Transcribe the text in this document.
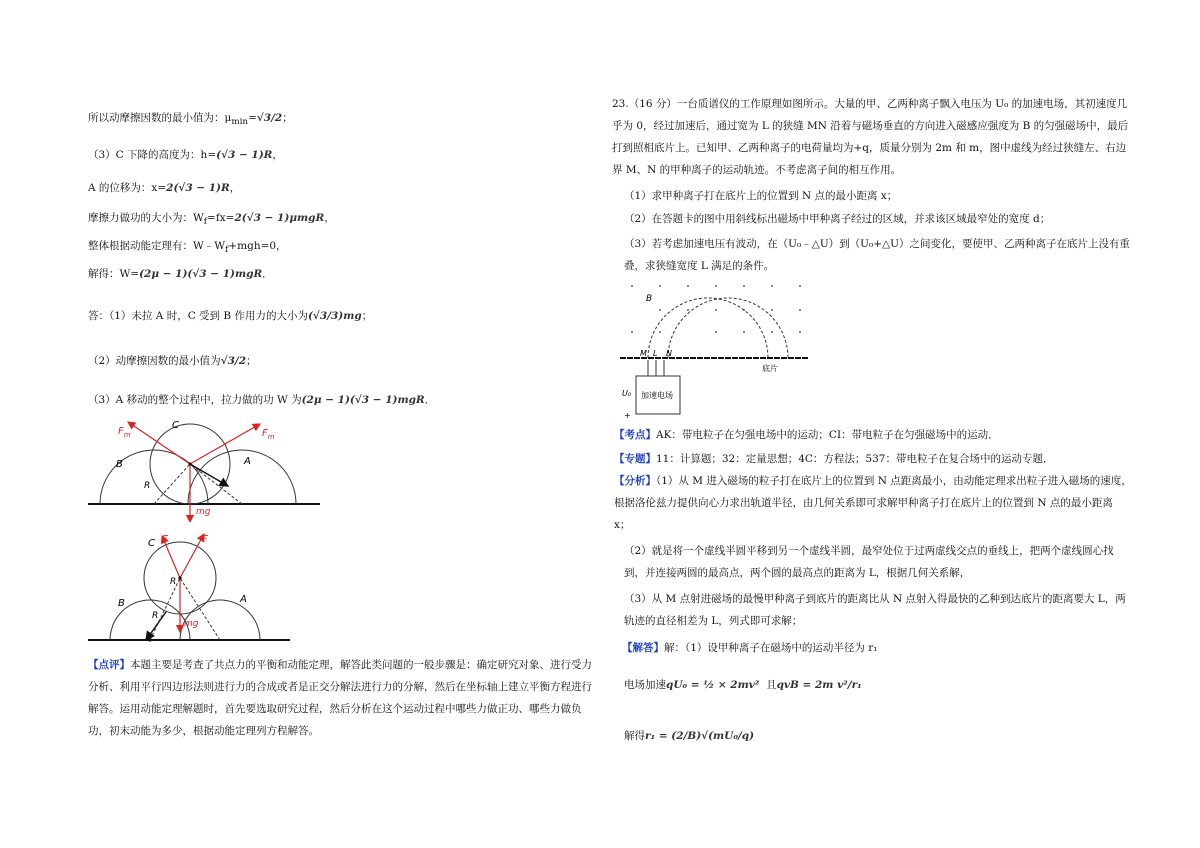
所以动摩擦因数的最小值为：$\mu_{min}=√3/2$；
（3）C 下降的高度为：h=(√3 − 1)R，
A 的位移为：x=2(√3 − 1)R，
摩擦力做功的大小为：$W_f=fx=2(√3 - 1)\mu mgR$，
整体根据动能定理有：$W﹣W_f+mgh=0$，
解得：W=(2μ − 1)(√3 − 1)mgR．
答：（1）未拉 A 时，C 受到 B 作用力的大小为(√3/3)mg；
（2）动摩擦因数的最小值为√3/2；
（3）A 移动的整个过程中，拉力做的功 W 为(2μ − 1)(√3 − 1)mgR．
$F_m$	$F_m$
C
B	A
R
mg
C F	F
R
R
B	A
mg
【点评】本题主要是考查了共点力的平衡和动能定理，解答此类问题的一般步骤是：确定研究对象、进行受力分析、利用平行四边形法则进行力的合成或者是正交分解法进行力的分解，然后在坐标轴上建立平衡方程进行解答。运用动能定理解题时，首先要选取研究过程，然后分析在这个运动过程中哪些力做正功、哪些力做负功，初末动能为多少，根据动能定理列方程解答。
23.（16 分）一台质谱仪的工作原理如图所示。大量的甲、乙两种离子飘入电压为 U₀ 的加速电场，其初速度几乎为 0，经过加速后，通过宽为 L 的狭缝 MN 沿着与磁场垂直的方向进入磁感应强度为 B 的匀强磁场中，最后打到照相底片上。已知甲、乙两种离子的电荷量均为+q，质量分别为 2m 和 m，图中虚线为经过狭缝左、右边界 M、N 的甲种离子的运动轨迹。不考虑离子间的相互作用。
（1）求甲种离子打在底片上的位置到 N 点的最小距离 x；
（2）在答题卡的图中用斜线标出磁场中甲种离子经过的区域，并求该区域最窄处的宽度 d；
（3）若考虑加速电压有波动，在（U₀﹣△U）到（U₀+△U）之间变化，要使甲、乙两种离子在底片上没有重叠，求狭缝宽度 L 满足的条件。
B
M L N
底片
U₀ 加速电场
+
【考点】AK：带电粒子在匀强电场中的运动；CI：带电粒子在匀强磁场中的运动．
【专题】11：计算题；32：定量思想；4C：方程法；537：带电粒子在复合场中的运动专题．
【分析】（1）从 M 进入磁场的粒子打在底片上的位置到 N 点距离最小，由动能定理求出粒子进入磁场的速度，根据洛伦兹力提供向心力求出轨道半径，由几何关系即可求解甲种离子打在底片上的位置到 N 点的最小距离 x；
（2）就是将一个虚线半圆平移到另一个虚线半圆，最窄处位于过两虚线交点的垂线上，把两个虚线圆心找到，并连接两圆的最高点，两个圆的最高点的距离为 L，根据几何关系解，
（3）从 M 点射进磁场的最慢甲种离子到底片的距离比从 N 点射入得最快的乙种到达底片的距离要大 L，两轨迹的直径相差为 L，列式即可求解；
【解答】解：（1）设甲种离子在磁场中的运动半径为 r₁
电场加速qU₀ = ½ × 2mv² 且qvB = 2m v²/r₁
解得r₁ = (2/B)√(mU₀/q)
